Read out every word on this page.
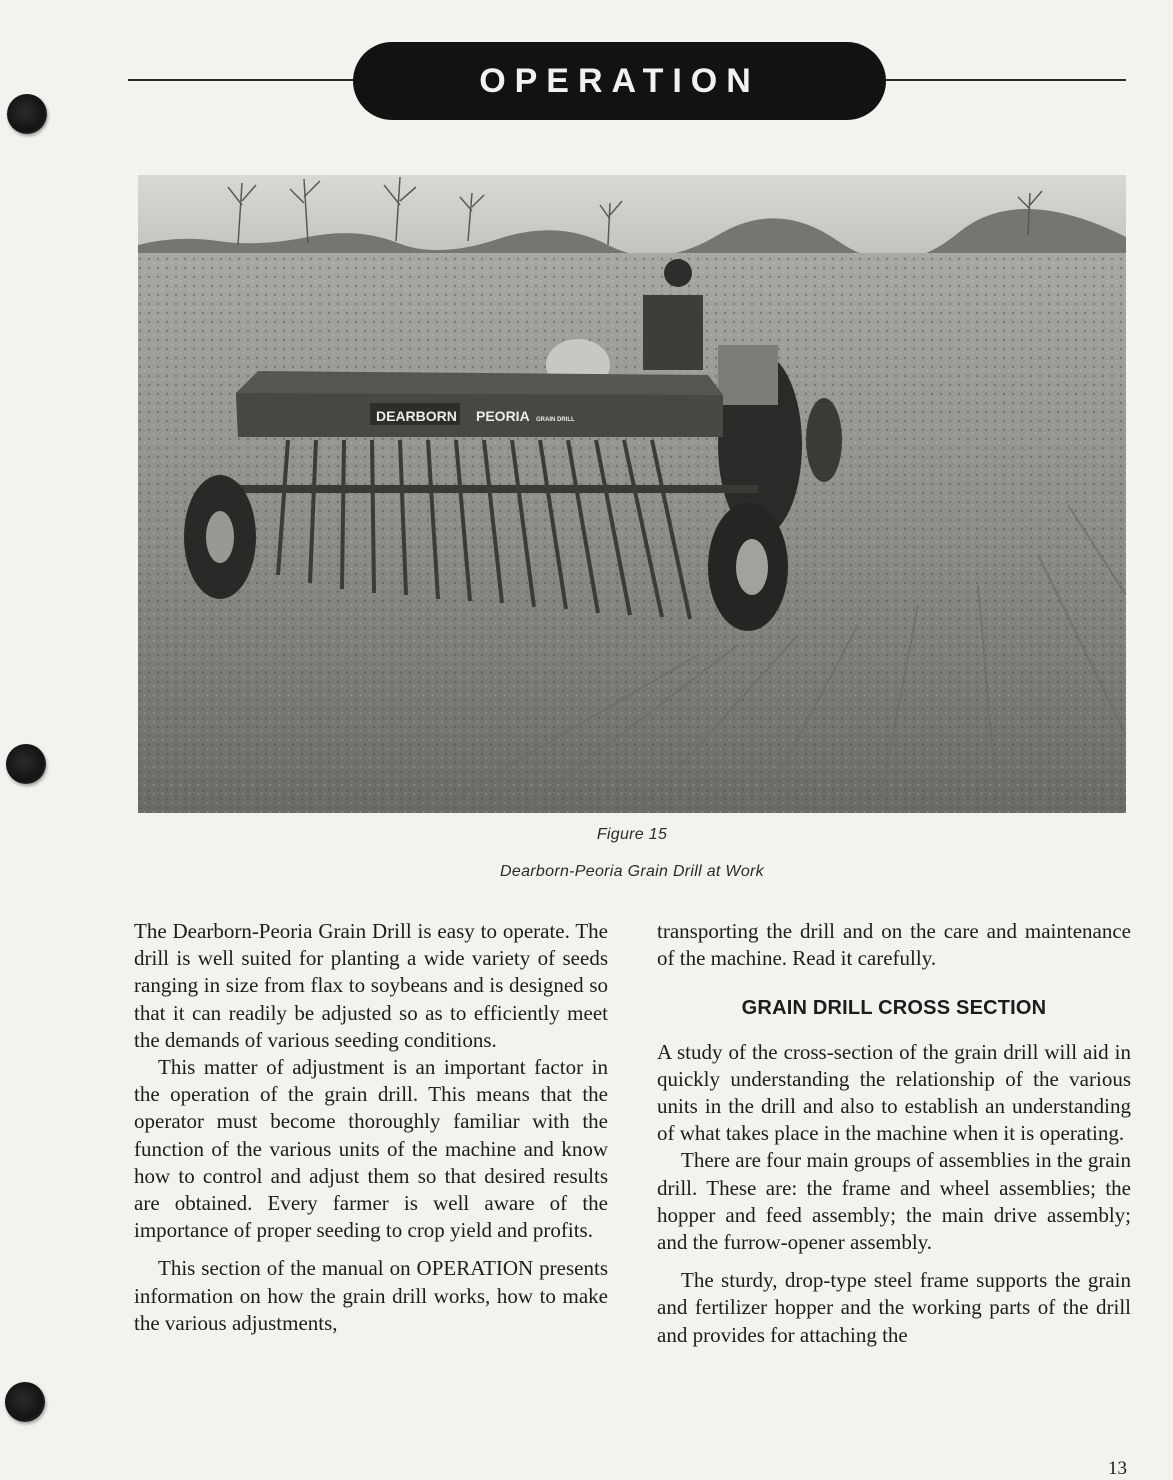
OPERATION
DEARBORN PEORIA GRAIN DRILL
Figure 15
Dearborn-Peoria Grain Drill at Work

The Dearborn-Peoria Grain Drill is easy to operate. The drill is well suited for planting a wide variety of seeds ranging in size from flax to soybeans and is designed so that it can readily be adjusted so as to efficiently meet the demands of various seeding conditions.

This matter of adjustment is an important factor in the operation of the grain drill. This means that the operator must become thoroughly familiar with the function of the various units of the machine and know how to control and adjust them so that desired results are obtained. Every farmer is well aware of the importance of proper seeding to crop yield and profits.

This section of the manual on OPERATION presents information on how the grain drill works, how to make the various adjustments,

transporting the drill and on the care and maintenance of the machine. Read it carefully.

GRAIN DRILL CROSS SECTION

A study of the cross-section of the grain drill will aid in quickly understanding the relationship of the various units in the drill and also to establish an understanding of what takes place in the machine when it is operating.

There are four main groups of assemblies in the grain drill. These are: the frame and wheel assemblies; the hopper and feed assembly; the main drive assembly; and the furrow-opener assembly.

The sturdy, drop-type steel frame supports the grain and fertilizer hopper and the working parts of the drill and provides for attaching the

13
